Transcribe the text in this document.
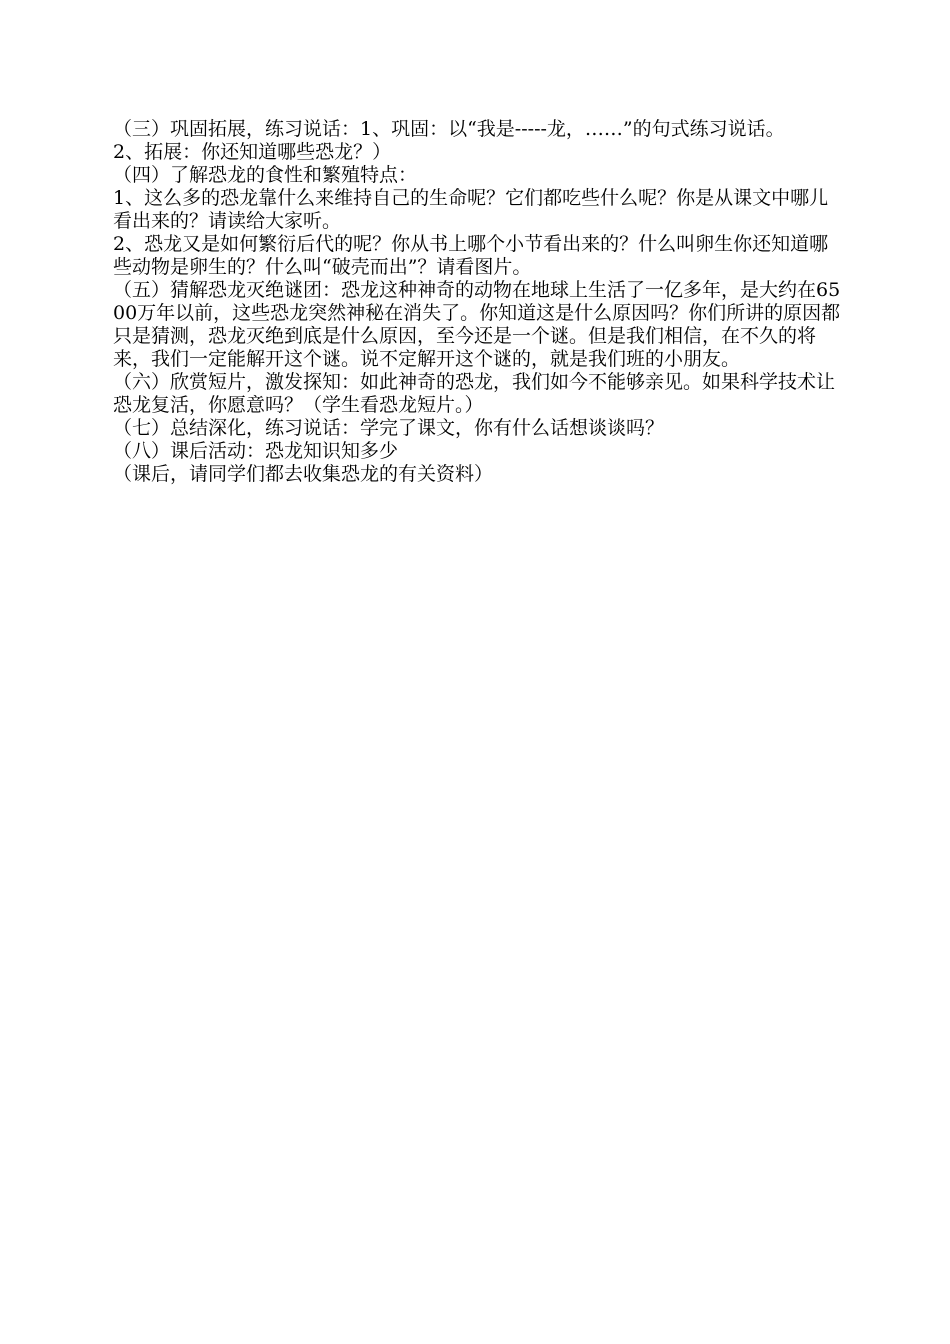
（三）巩固拓展，练习说话：1、巩固：以“我是-----龙，……”的句式练习说话。

2、拓展：你还知道哪些恐龙？）

（四）了解恐龙的食性和繁殖特点：

1、这么多的恐龙靠什么来维持自己的生命呢？它们都吃些什么呢？你是从课文中哪儿看出来的？请读给大家听。

2、恐龙又是如何繁衍后代的呢？你从书上哪个小节看出来的？什么叫卵生你还知道哪些动物是卵生的？什么叫“破壳而出”？请看图片。

（五）猜解恐龙灭绝谜团：恐龙这种神奇的动物在地球上生活了一亿多年，是大约在6500万年以前，这些恐龙突然神秘在消失了。你知道这是什么原因吗？你们所讲的原因都只是猜测，恐龙灭绝到底是什么原因，至今还是一个谜。但是我们相信，在不久的将来，我们一定能解开这个谜。说不定解开这个谜的，就是我们班的小朋友。

（六）欣赏短片，激发探知：如此神奇的恐龙，我们如今不能够亲见。如果科学技术让恐龙复活，你愿意吗？（学生看恐龙短片。）

（七）总结深化，练习说话：学完了课文，你有什么话想谈谈吗？

（八）课后活动：恐龙知识知多少

（课后，请同学们都去收集恐龙的有关资料）
